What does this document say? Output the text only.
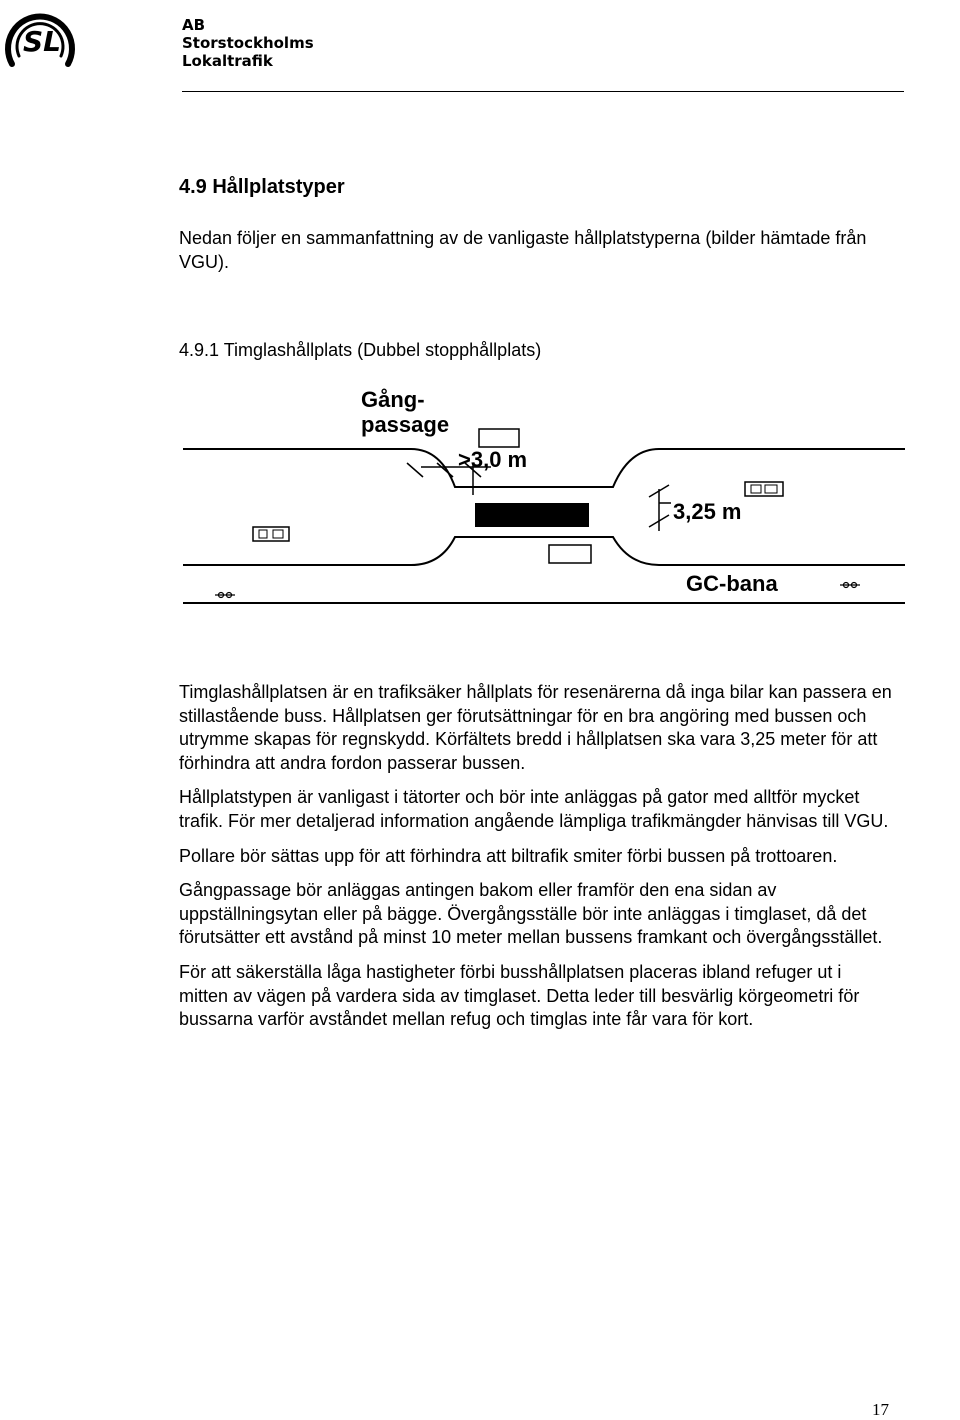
SL	AB
Storstockholms
Lokaltrafik
4.9 Hållplatstyper

Nedan följer en sammanfattning av de vanligaste hållplatstyperna (bilder hämtade från VGU).

4.9.1 Timglashållplats (Dubbel stopphållplats)
Gång-
passage
>3,0 m
3,25 m
GC-bana

Timglashållplatsen är en trafiksäker hållplats för resenärerna då inga bilar kan passera en stillastående buss. Hållplatsen ger förutsättningar för en bra angöring med bussen och utrymme skapas för regnskydd. Körfältets bredd i hållplatsen ska vara 3,25 meter för att förhindra att andra fordon passerar bussen.

Hållplatstypen är vanligast i tätorter och bör inte anläggas på gator med alltför mycket trafik. För mer detaljerad information angående lämpliga trafikmängder hänvisas till VGU.

Pollare bör sättas upp för att förhindra att biltrafik smiter förbi bussen på trottoaren.

Gångpassage bör anläggas antingen bakom eller framför den ena sidan av uppställningsytan eller på bägge. Övergångsställe bör inte anläggas i timglaset, då det förutsätter ett avstånd på minst 10 meter mellan bussens framkant och övergångsstället.

För att säkerställa låga hastigheter förbi busshållplatsen placeras ibland refuger ut i mitten av vägen på vardera sida av timglaset. Detta leder till besvärlig körgeometri för bussarna varför avståndet mellan refug och timglas inte får vara för kort.

17
